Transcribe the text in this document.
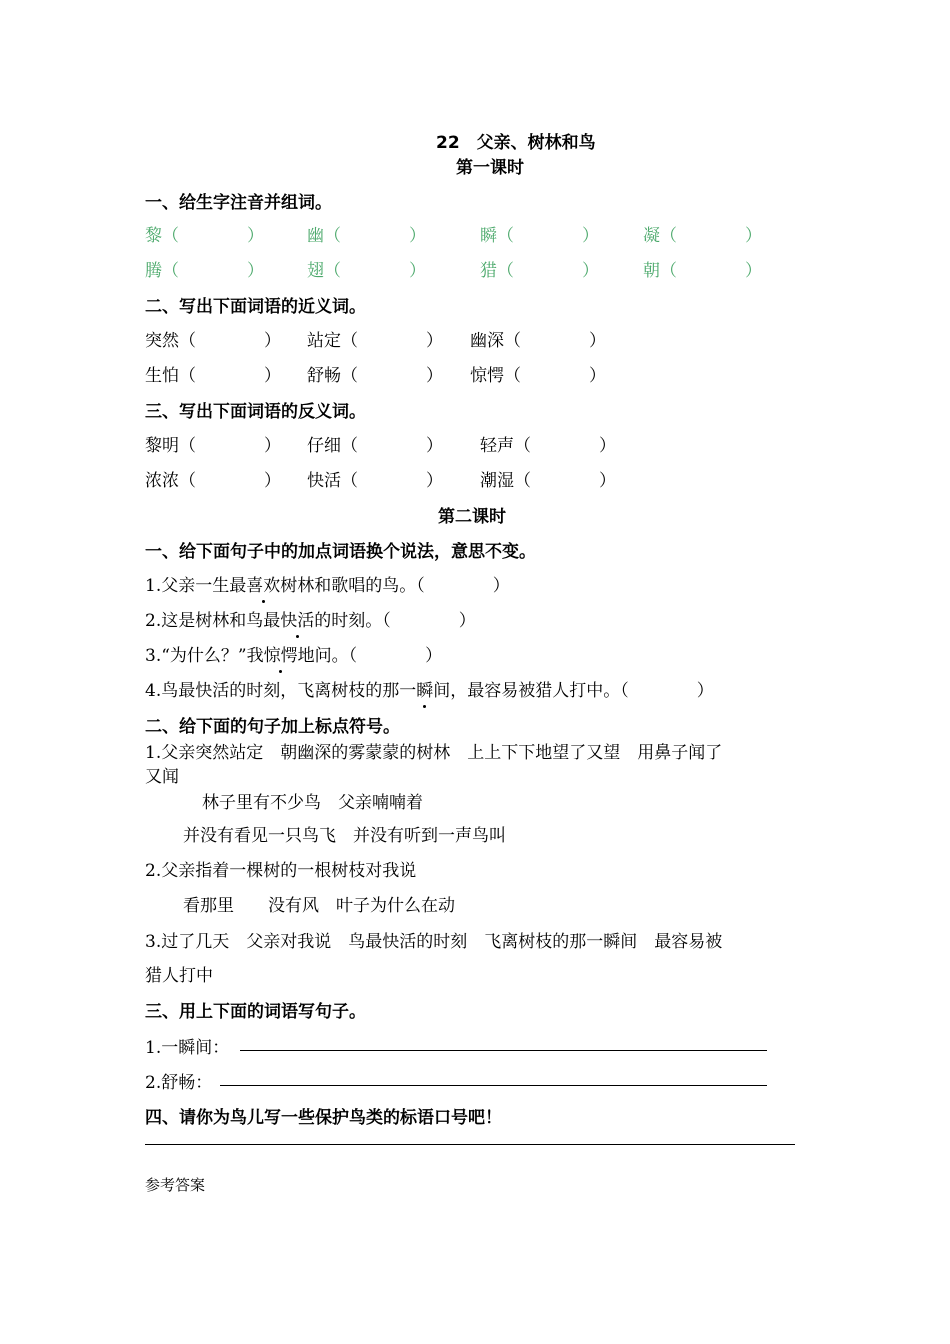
22　父亲、树林和鸟
第一课时
一、给生字注音并组词。
黎（　　　　）	幽（　　　　）	瞬（　　　　）	凝（　　　　）
腾（　　　　）	翅（　　　　）	猎（　　　　）	朝（　　　　）
二、写出下面词语的近义词。
突然（　　　　） 站定（　　　　） 幽深（　　　　）
生怕（　　　　） 舒畅（　　　　） 惊愕（　　　　）
三、写出下面词语的反义词。
黎明（　　　　） 仔细（　　　　） 轻声（　　　　）
浓浓（　　　　） 快活（　　　　） 潮湿（　　　　）
第二课时
一、给下面句子中的加点词语换个说法，意思不变。
1.父亲一生最喜欢树林和歌唱的鸟。（　　　　）
2.这是树林和鸟最快活的时刻。（　　　　）
3.“为什么？”我惊愕地问。（　　　　）
4.鸟最快活的时刻，飞离树枝的那一瞬间，最容易被猎人打中。（　　　　）
二、给下面的句子加上标点符号。
1.父亲突然站定　朝幽深的雾蒙蒙的树林　上上下下地望了又望　用鼻子闻了
又闻
林子里有不少鸟　父亲喃喃着
并没有看见一只鸟飞　并没有听到一声鸟叫
2.父亲指着一棵树的一根树枝对我说
看那里　　没有风　叶子为什么在动
3.过了几天　父亲对我说　鸟最快活的时刻　飞离树枝的那一瞬间　最容易被
猎人打中
三、用上下面的词语写句子。
1.一瞬间：
2.舒畅：
四、请你为鸟儿写一些保护鸟类的标语口号吧！
参考答案
